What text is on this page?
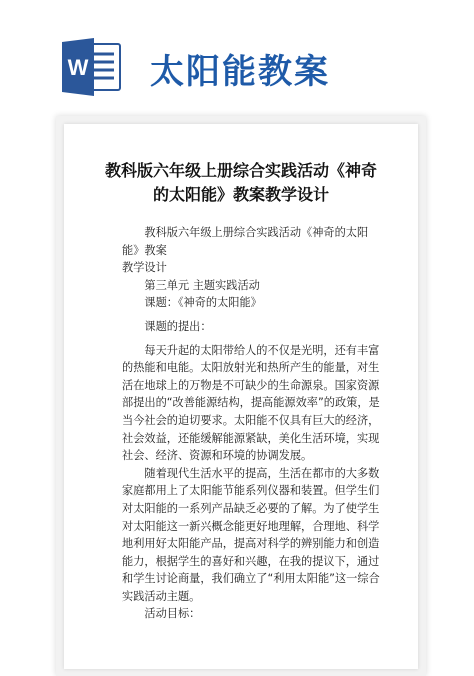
W 太阳能教案
教科版六年级上册综合实践活动《神奇
的太阳能》教案教学设计

教科版六年级上册综合实践活动《神奇的太阳能》教案

教学设计

第三单元 主题实践活动

课题：《神奇的太阳能》

课题的提出：

每天升起的太阳带给人的不仅是光明，还有丰富的热能和电能。太阳放射光和热所产生的能量，对生活在地球上的万物是不可缺少的生命源泉。国家资源部提出的“改善能源结构，提高能源效率”的政策，是当今社会的迫切要求。太阳能不仅具有巨大的经济，社会效益，还能缓解能源紧缺，美化生活环境，实现社会、经济、资源和环境的协调发展。

随着现代生活水平的提高，生活在都市的大多数家庭都用上了太阳能节能系列仪器和装置。但学生们对太阳能的一系列产品缺乏必要的了解。为了使学生对太阳能这一新兴概念能更好地理解，合理地、科学地利用好太阳能产品，提高对科学的辨别能力和创造能力，根据学生的喜好和兴趣，在我的提议下，通过和学生讨论商量，我们确立了“利用太阳能”这一综合实践活动主题。

活动目标：
